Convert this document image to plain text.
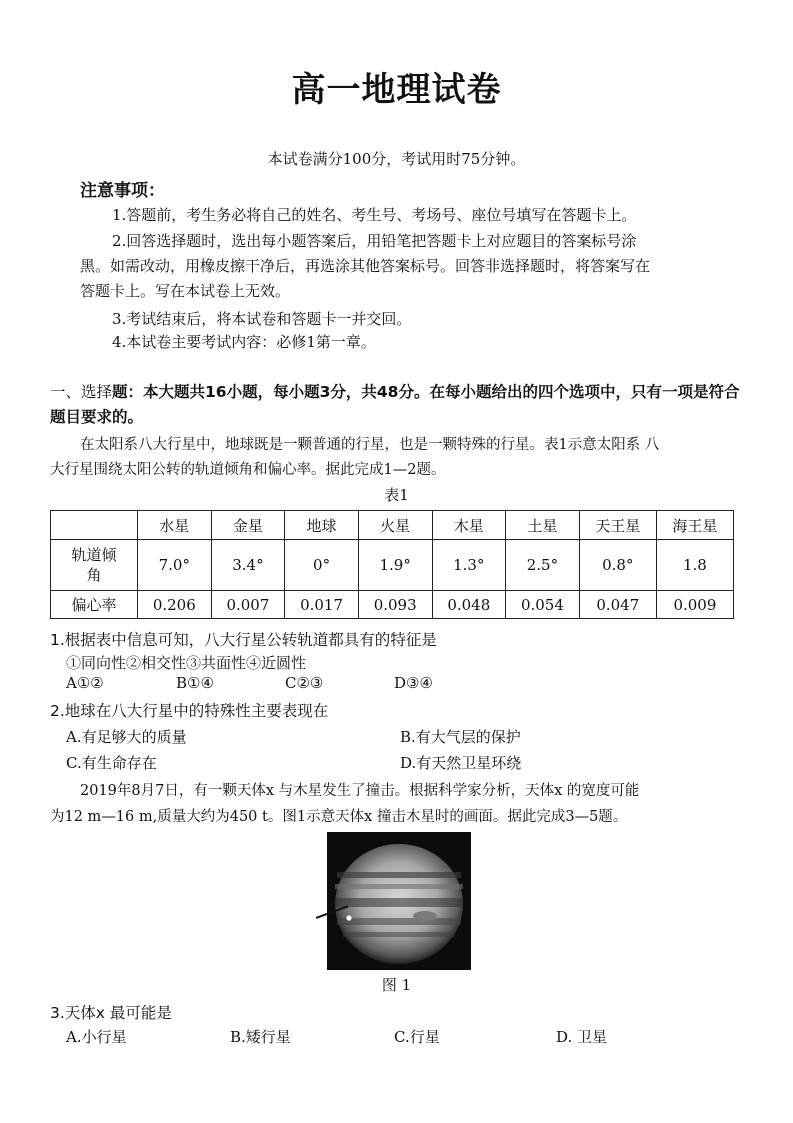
高一地理试卷
本试卷满分100分，考试用时75分钟。
注意事项：
1.答题前，考生务必将自己的姓名、考生号、考场号、座位号填写在答题卡上。
2.回答选择题时，选出每小题答案后，用铅笔把答题卡上对应题目的答案标号涂
黑。如需改动，用橡皮擦干净后，再选涂其他答案标号。回答非选择题时，将答案写在
答题卡上。写在本试卷上无效。
3.考试结束后，将本试卷和答题卡一并交回。
4.本试卷主要考试内容：必修1第一章。
一、选择题：本大题共16小题，每小题3分，共48分。在每小题给出的四个选项中，只有一项是符合题目要求的。
在太阳系八大行星中，地球既是一颗普通的行星，也是一颗特殊的行星。表1示意太阳系 八
大行星围绕太阳公转的轨道倾角和偏心率。据此完成1—2题。
表1
	水星	金星	地球	火星	木星	土星	天王星	海王星

轨道倾
角	7.0°	3.4°	0°	1.9°	1.3°	2.5°	0.8°	1.8

偏心率	0.206	0.007	0.017	0.093	0.048	0.054	0.047	0.009
1.根据表中信息可知，八大行星公转轨道都具有的特征是
①同向性②相交性③共面性④近圆性
A①②	B①④	C②③	D③④
2.地球在八大行星中的特殊性主要表现在
A.有足够大的质量	B.有大气层的保护
C.有生命存在	D.有天然卫星环绕
2019年8月7日，有一颗天体x 与木星发生了撞击。根据科学家分析，天体x 的宽度可能
为12 m—16 m,质量大约为450 t。图1示意天体x 撞击木星时的画面。据此完成3—5题。
图 1
3.天体x 最可能是
A.小行星	B.矮行星	C.行星	D. 卫星
